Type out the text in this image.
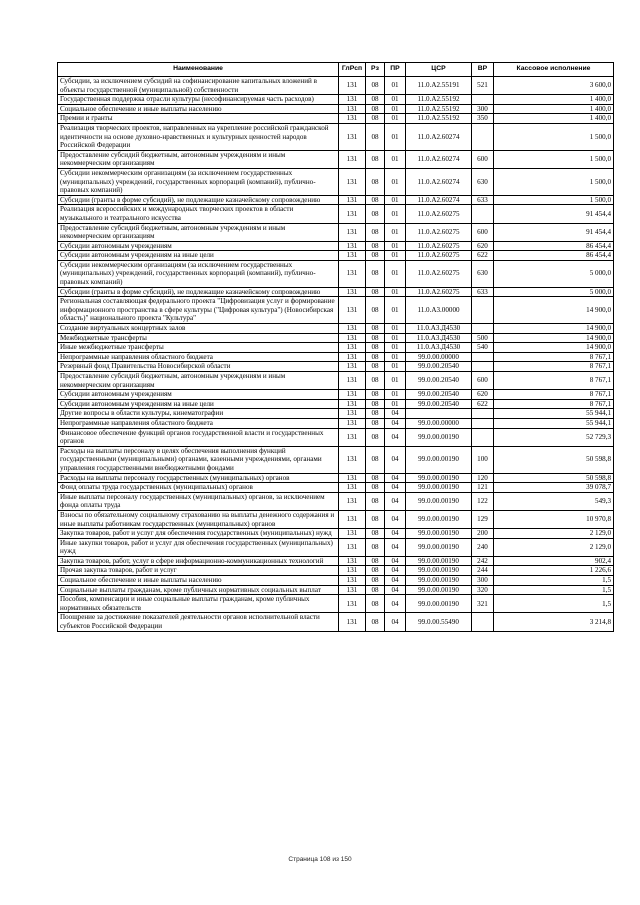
Наименование	ГлРсп	Рз	ПР	ЦСР	ВР	Кассовое исполнение
Субсидии, за исключением субсидий на софинансирование капитальных вложений в объекты государственной (муниципальной) собственности	131	08	01	11.0.А2.55191	521	3 600,0
Государственная поддержка отрасли культуры (несофинансируемая часть расходов)	131	08	01	11.0.А2.55192		1 400,0
Социальное обеспечение и иные выплаты населению	131	08	01	11.0.А2.55192	300	1 400,0
Премии и гранты	131	08	01	11.0.А2.55192	350	1 400,0
Реализация творческих проектов, направленных на укрепление российской гражданской идентичности на основе духовно-нравственных и культурных ценностей народов Российской Федерации	131	08	01	11.0.А2.60274		1 500,0
Предоставление субсидий бюджетным, автономным учреждениям и иным некоммерческим организациям	131	08	01	11.0.А2.60274	600	1 500,0
Субсидии некоммерческим организациям (за исключением государственных (муниципальных) учреждений, государственных корпораций (компаний), публично-правовых компаний)	131	08	01	11.0.А2.60274	630	1 500,0
Субсидии (гранты в форме субсидий), не подлежащие казначейскому сопровождению	131	08	01	11.0.А2.60274	633	1 500,0
Реализация всероссийских и международных творческих проектов в области музыкального и театрального искусства	131	08	01	11.0.А2.60275		91 454,4
Предоставление субсидий бюджетным, автономным учреждениям и иным некоммерческим организациям	131	08	01	11.0.А2.60275	600	91 454,4
Субсидии автономным учреждениям	131	08	01	11.0.А2.60275	620	86 454,4
Субсидии автономным учреждениям на иные цели	131	08	01	11.0.А2.60275	622	86 454,4
Субсидии некоммерческим организациям (за исключением государственных (муниципальных) учреждений, государственных корпораций (компаний), публично-правовых компаний)	131	08	01	11.0.А2.60275	630	5 000,0
Субсидии (гранты в форме субсидий), не подлежащие казначейскому сопровождению	131	08	01	11.0.А2.60275	633	5 000,0
Региональная составляющая федерального проекта "Цифровизация услуг и формирование информационного пространства в сфере культуры ("Цифровая культура") (Новосибирская область)" национального проекта "Культура"	131	08	01	11.0.А3.00000		14 900,0
Создание виртуальных концертных залов	131	08	01	11.0.А3.Д4530		14 900,0
Межбюджетные трансферты	131	08	01	11.0.А3.Д4530	500	14 900,0
Иные межбюджетные трансферты	131	08	01	11.0.А3.Д4530	540	14 900,0
Непрограммные направления областного бюджета	131	08	01	99.0.00.00000		8 767,1
Резервный фонд Правительства Новосибирской области	131	08	01	99.0.00.20540		8 767,1
Предоставление субсидий бюджетным, автономным учреждениям и иным некоммерческим организациям	131	08	01	99.0.00.20540	600	8 767,1
Субсидии автономным учреждениям	131	08	01	99.0.00.20540	620	8 767,1
Субсидии автономным учреждениям на иные цели	131	08	01	99.0.00.20540	622	8 767,1
Другие вопросы в области культуры, кинематографии	131	08	04			55 944,1
Непрограммные направления областного бюджета	131	08	04	99.0.00.00000		55 944,1
Финансовое обеспечение функций органов государственной власти и государственных органов	131	08	04	99.0.00.00190		52 729,3
Расходы на выплаты персоналу в целях обеспечения выполнения функций государственными (муниципальными) органами, казенными учреждениями, органами управления государственными внебюджетными фондами	131	08	04	99.0.00.00190	100	50 598,8
Расходы на выплаты персоналу государственных (муниципальных) органов	131	08	04	99.0.00.00190	120	50 598,8
Фонд оплаты труда государственных (муниципальных) органов	131	08	04	99.0.00.00190	121	39 078,7
Иные выплаты персоналу государственных (муниципальных) органов, за исключением фонда оплаты труда	131	08	04	99.0.00.00190	122	549,3
Взносы по обязательному социальному страхованию на выплаты денежного содержания и иные выплаты работникам государственных (муниципальных) органов	131	08	04	99.0.00.00190	129	10 970,8
Закупка товаров, работ и услуг для обеспечения государственных (муниципальных) нужд	131	08	04	99.0.00.00190	200	2 129,0
Иные закупки товаров, работ и услуг для обеспечения государственных (муниципальных) нужд	131	08	04	99.0.00.00190	240	2 129,0
Закупка товаров, работ, услуг в сфере информационно-коммуникационных технологий	131	08	04	99.0.00.00190	242	902,4
Прочая закупка товаров, работ и услуг	131	08	04	99.0.00.00190	244	1 226,6
Социальное обеспечение и иные выплаты населению	131	08	04	99.0.00.00190	300	1,5
Социальные выплаты гражданам, кроме публичных нормативных социальных выплат	131	08	04	99.0.00.00190	320	1,5
Пособия, компенсации и иные социальные выплаты гражданам, кроме публичных нормативных обязательств	131	08	04	99.0.00.00190	321	1,5
Поощрение за достижение показателей деятельности органов исполнительной власти субъектов Российской Федерации	131	08	04	99.0.00.55490		3 214,8
Страница 108 из 150
